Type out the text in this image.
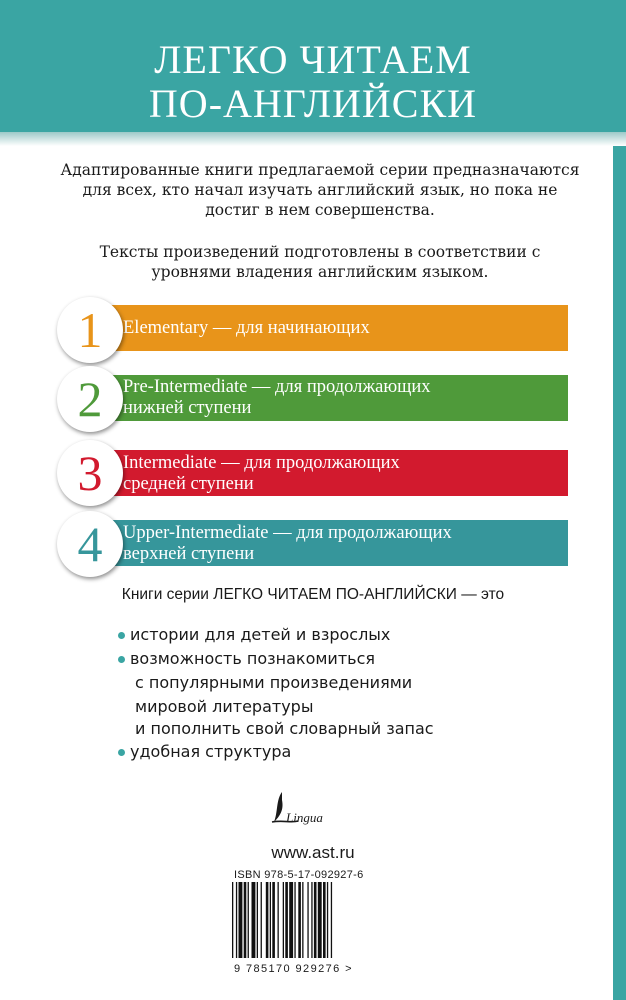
ЛЕГКО ЧИТАЕМ
ПО-АНГЛИЙСКИ
Адаптированные книги предлагаемой серии предназначаются для всех, кто начал изучать английский язык, но пока не достиг в нем совершенства.
Тексты произведений подготовлены в соответствии с уровнями владения английским языком.
Elementary — для начинающих
1
Pre-Intermediate — для продолжающих
нижней ступени
2
Intermediate — для продолжающих
средней ступени
3
Upper-Intermediate — для продолжающих
верхней ступени
4
Книги серии ЛЕГКО ЧИТАЕМ ПО-АНГЛИЙСКИ — это
истории для детей и взрослых
возможность познакомиться
с популярными произведениями
мировой литературы
и пополнить свой словарный запас
удобная структура
Lingua
www.ast.ru
ISBN 978-5-17-092927-6
9 785170 929276 >
